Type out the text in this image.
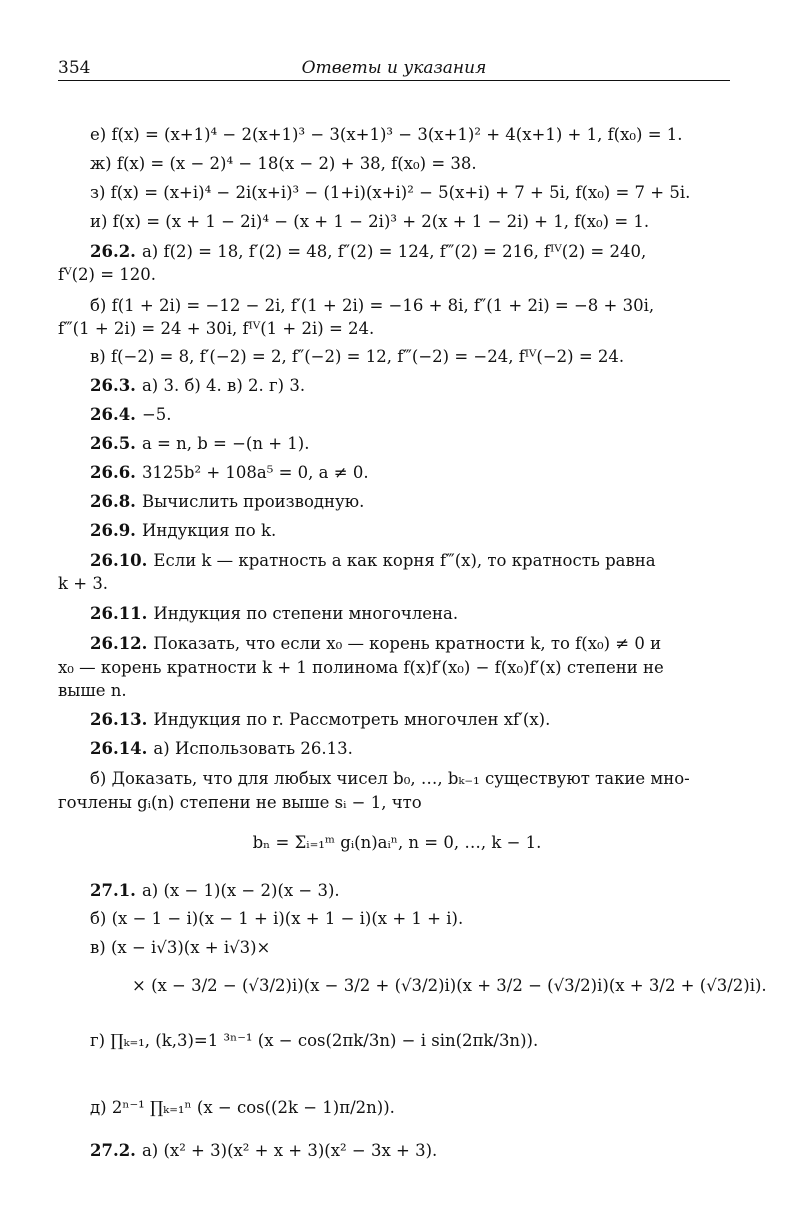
354	Ответы и указания
е) f(x) = (x+1)⁴ − 2(x+1)³ − 3(x+1)³ − 3(x+1)² + 4(x+1) + 1, f(x₀) = 1.
ж) f(x) = (x − 2)⁴ − 18(x − 2) + 38, f(x₀) = 38.
з) f(x) = (x+i)⁴ − 2i(x+i)³ − (1+i)(x+i)² − 5(x+i) + 7 + 5i, f(x₀) = 7 + 5i.
и) f(x) = (x + 1 − 2i)⁴ − (x + 1 − 2i)³ + 2(x + 1 − 2i) + 1, f(x₀) = 1.
26.2. а) f(2) = 18, f′(2) = 48, f″(2) = 124, f‴(2) = 216, fᴵⱽ(2) = 240,
fⱽ(2) = 120.
б) f(1 + 2i) = −12 − 2i, f′(1 + 2i) = −16 + 8i, f″(1 + 2i) = −8 + 30i,
f‴(1 + 2i) = 24 + 30i, fᴵⱽ(1 + 2i) = 24.
в) f(−2) = 8, f′(−2) = 2, f″(−2) = 12, f‴(−2) = −24, fᴵⱽ(−2) = 24.
26.3. а) 3. б) 4. в) 2. г) 3.
26.4. −5.
26.5. a = n, b = −(n + 1).
26.6. 3125b² + 108a⁵ = 0, a ≠ 0.
26.8. Вычислить производную.
26.9. Индукция по k.
26.10. Если k — кратность a как корня f‴(x), то кратность равна
k + 3.
26.11. Индукция по степени многочлена.
26.12. Показать, что если x₀ — корень кратности k, то f(x₀) ≠ 0 и
x₀ — корень кратности k + 1 полинома f(x)f′(x₀) − f(x₀)f′(x) степени не
выше n.
26.13. Индукция по r. Рассмотреть многочлен xf′(x).
26.14. а) Использовать 26.13.
б) Доказать, что для любых чисел b₀, …, bₖ₋₁ существуют такие мно-
гочлены gᵢ(n) степени не выше sᵢ − 1, что
bₙ = Σᵢ₌₁ᵐ gᵢ(n)aᵢⁿ, n = 0, …, k − 1.
27.1. а) (x − 1)(x − 2)(x − 3).
б) (x − 1 − i)(x − 1 + i)(x + 1 − i)(x + 1 + i).
в) (x − i√3)(x + i√3)×
× (x − 3/2 − (√3/2)i)(x − 3/2 + (√3/2)i)(x + 3/2 − (√3/2)i)(x + 3/2 + (√3/2)i).
г) ∏ₖ₌₁, (k,3)=1 ³ⁿ⁻¹ (x − cos(2πk/3n) − i sin(2πk/3n)).
д) 2ⁿ⁻¹ ∏ₖ₌₁ⁿ (x − cos((2k − 1)π/2n)).
27.2. а) (x² + 3)(x² + x + 3)(x² − 3x + 3).
